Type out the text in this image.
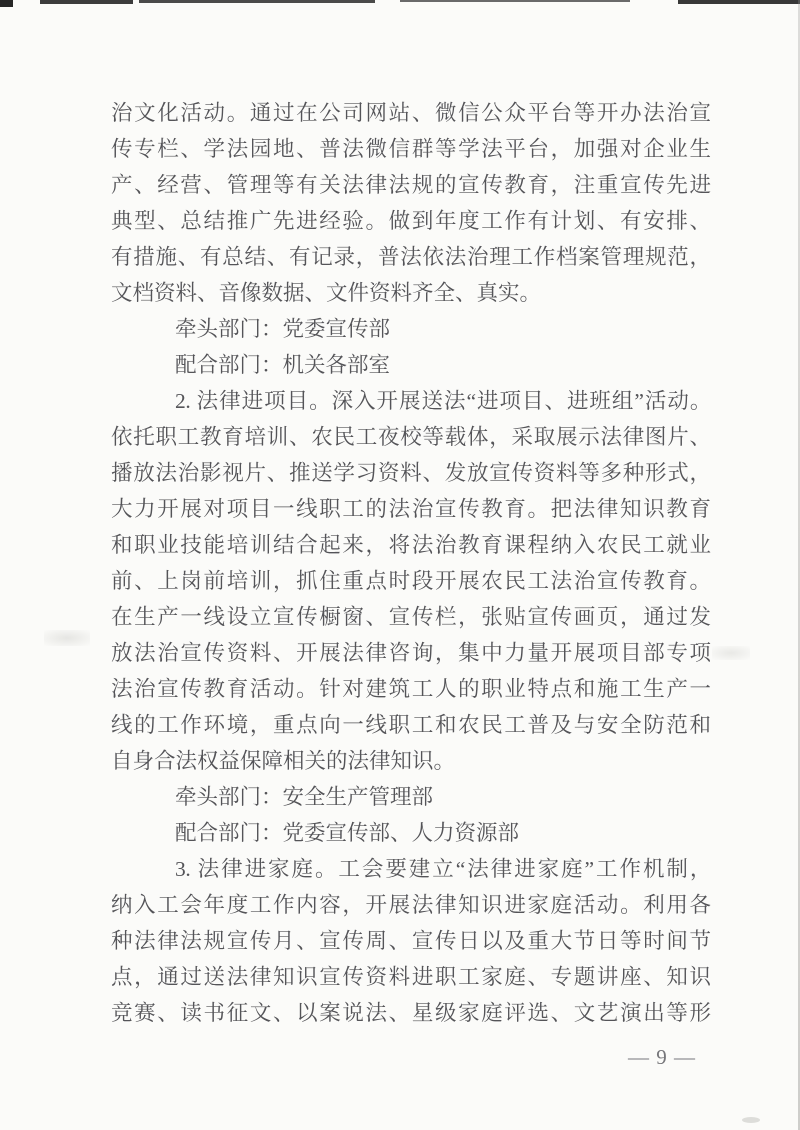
治文化活动。通过在公司网站、微信公众平台等开办法治宣
传专栏、学法园地、普法微信群等学法平台，加强对企业生
产、经营、管理等有关法律法规的宣传教育，注重宣传先进
典型、总结推广先进经验。做到年度工作有计划、有安排、
有措施、有总结、有记录，普法依法治理工作档案管理规范，
文档资料、音像数据、文件资料齐全、真实。
牵头部门：党委宣传部
配合部门：机关各部室
2. 法律进项目。深入开展送法“进项目、进班组”活动。
依托职工教育培训、农民工夜校等载体，采取展示法律图片、
播放法治影视片、推送学习资料、发放宣传资料等多种形式，
大力开展对项目一线职工的法治宣传教育。把法律知识教育
和职业技能培训结合起来，将法治教育课程纳入农民工就业
前、上岗前培训，抓住重点时段开展农民工法治宣传教育。
在生产一线设立宣传橱窗、宣传栏，张贴宣传画页，通过发
放法治宣传资料、开展法律咨询，集中力量开展项目部专项
法治宣传教育活动。针对建筑工人的职业特点和施工生产一
线的工作环境，重点向一线职工和农民工普及与安全防范和
自身合法权益保障相关的法律知识。
牵头部门：安全生产管理部
配合部门：党委宣传部、人力资源部
3. 法律进家庭。工会要建立“法律进家庭”工作机制，
纳入工会年度工作内容，开展法律知识进家庭活动。利用各
种法律法规宣传月、宣传周、宣传日以及重大节日等时间节
点，通过送法律知识宣传资料进职工家庭、专题讲座、知识
竞赛、读书征文、以案说法、星级家庭评选、文艺演出等形
— 9 —
